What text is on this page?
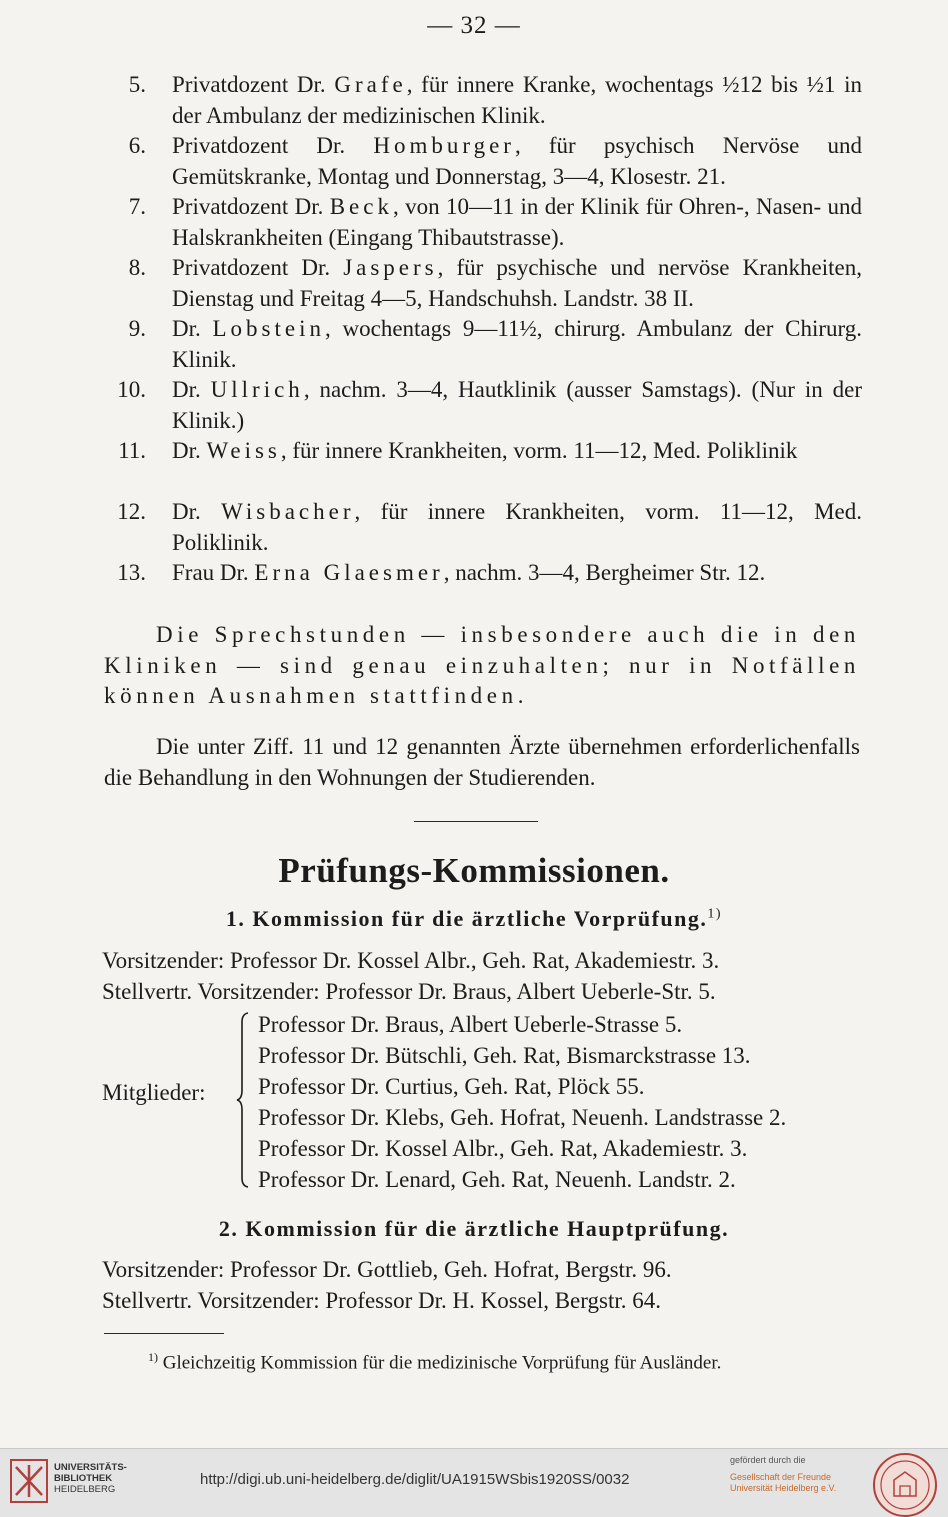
— 32 —
5. Privatdozent Dr. Grafe, für innere Kranke, wochentags ½12 bis ½1 in der Ambulanz der medizinischen Klinik.
6. Privatdozent Dr. Homburger, für psychisch Nervöse und Gemütskranke, Montag und Donnerstag, 3—4, Klosestr. 21.
7. Privatdozent Dr. Beck, von 10—11 in der Klinik für Ohren-, Nasen- und Halskrankheiten (Eingang Thibautstrasse).
8. Privatdozent Dr. Jaspers, für psychische und nervöse Krankheiten, Dienstag und Freitag 4—5, Handschuhsh. Landstr. 38 II.
9. Dr. Lobstein, wochentags 9—11½, chirurg. Ambulanz der Chirurg. Klinik.
10. Dr. Ullrich, nachm. 3—4, Hautklinik (ausser Samstags). (Nur in der Klinik.)
11. Dr. Weiss, für innere Krankheiten, vorm. 11—12, Med. Poliklinik
12. Dr. Wisbacher, für innere Krankheiten, vorm. 11—12, Med. Poliklinik.
13. Frau Dr. Erna Glaesmer, nachm. 3—4, Bergheimer Str. 12.

Die Sprechstunden — insbesondere auch die in den Kliniken — sind genau einzuhalten; nur in Notfällen können Ausnahmen stattfinden.

Die unter Ziff. 11 und 12 genannten Ärzte übernehmen erforderlichenfalls die Behandlung in den Wohnungen der Studierenden.

Prüfungs-Kommissionen.
1. Kommission für die ärztliche Vorprüfung.$^{1)}$
Vorsitzender: Professor Dr. Kossel Albr., Geh. Rat, Akademiestr. 3.
Stellvertr. Vorsitzender: Professor Dr. Braus, Albert Ueberle-Str. 5.
Mitglieder:
Professor Dr. Braus, Albert Ueberle-Strasse 5.
Professor Dr. Bütschli, Geh. Rat, Bismarckstrasse 13.
Professor Dr. Curtius, Geh. Rat, Plöck 55.
Professor Dr. Klebs, Geh. Hofrat, Neuenh. Landstrasse 2.
Professor Dr. Kossel Albr., Geh. Rat, Akademiestr. 3.
Professor Dr. Lenard, Geh. Rat, Neuenh. Landstr. 2.
2. Kommission für die ärztliche Hauptprüfung.
Vorsitzender: Professor Dr. Gottlieb, Geh. Hofrat, Bergstr. 96.
Stellvertr. Vorsitzender: Professor Dr. H. Kossel, Bergstr. 64.
$^{1)}$ Gleichzeitig Kommission für die medizinische Vorprüfung für Ausländer.
UNIVERSITÄTS-
BIBLIOTHEK
HEIDELBERG
http://digi.ub.uni-heidelberg.de/diglit/UA1915WSbis1920SS/0032
gefördert durch die
Gesellschaft der Freunde
Universität Heidelberg e.V.
